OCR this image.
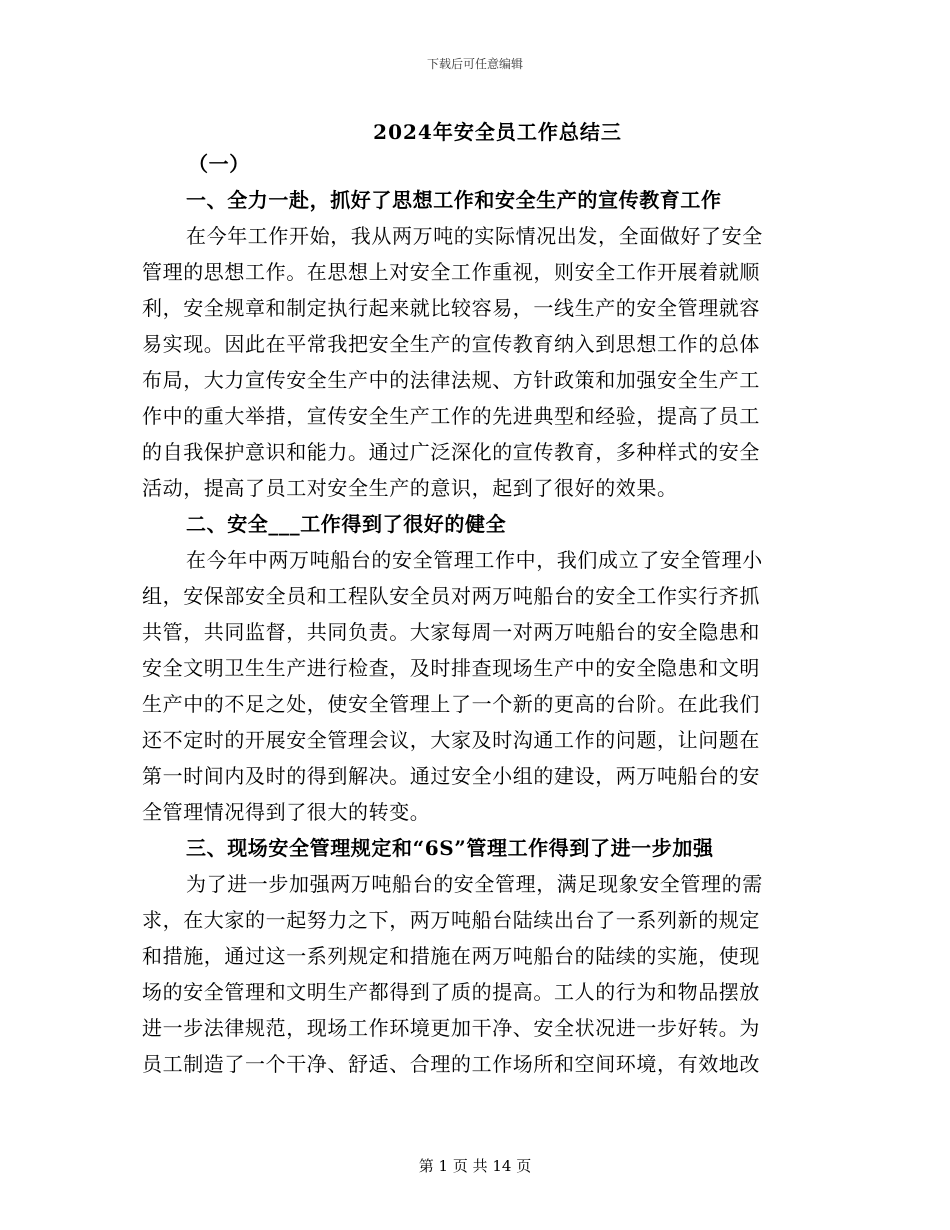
下载后可任意编辑
2024年安全员工作总结三
（一）
一、全力一赴，抓好了思想工作和安全生产的宣传教育工作
在今年工作开始，我从两万吨的实际情况出发，全面做好了安全
管理的思想工作。在思想上对安全工作重视，则安全工作开展着就顺
利，安全规章和制定执行起来就比较容易，一线生产的安全管理就容
易实现。因此在平常我把安全生产的宣传教育纳入到思想工作的总体
布局，大力宣传安全生产中的法律法规、方针政策和加强安全生产工
作中的重大举措，宣传安全生产工作的先进典型和经验，提高了员工
的自我保护意识和能力。通过广泛深化的宣传教育，多种样式的安全
活动，提高了员工对安全生产的意识，起到了很好的效果。
二、安全___工作得到了很好的健全
在今年中两万吨船台的安全管理工作中，我们成立了安全管理小
组，安保部安全员和工程队安全员对两万吨船台的安全工作实行齐抓
共管，共同监督，共同负责。大家每周一对两万吨船台的安全隐患和
安全文明卫生生产进行检查，及时排查现场生产中的安全隐患和文明
生产中的不足之处，使安全管理上了一个新的更高的台阶。在此我们
还不定时的开展安全管理会议，大家及时沟通工作的问题，让问题在
第一时间内及时的得到解决。通过安全小组的建设，两万吨船台的安
全管理情况得到了很大的转变。
三、现场安全管理规定和“6S”管理工作得到了进一步加强
为了进一步加强两万吨船台的安全管理，满足现象安全管理的需
求，在大家的一起努力之下，两万吨船台陆续出台了一系列新的规定
和措施，通过这一系列规定和措施在两万吨船台的陆续的实施，使现
场的安全管理和文明生产都得到了质的提高。工人的行为和物品摆放
进一步法律规范，现场工作环境更加干净、安全状况进一步好转。为
员工制造了一个干净、舒适、合理的工作场所和空间环境，有效地改
第 1 页 共 14 页
